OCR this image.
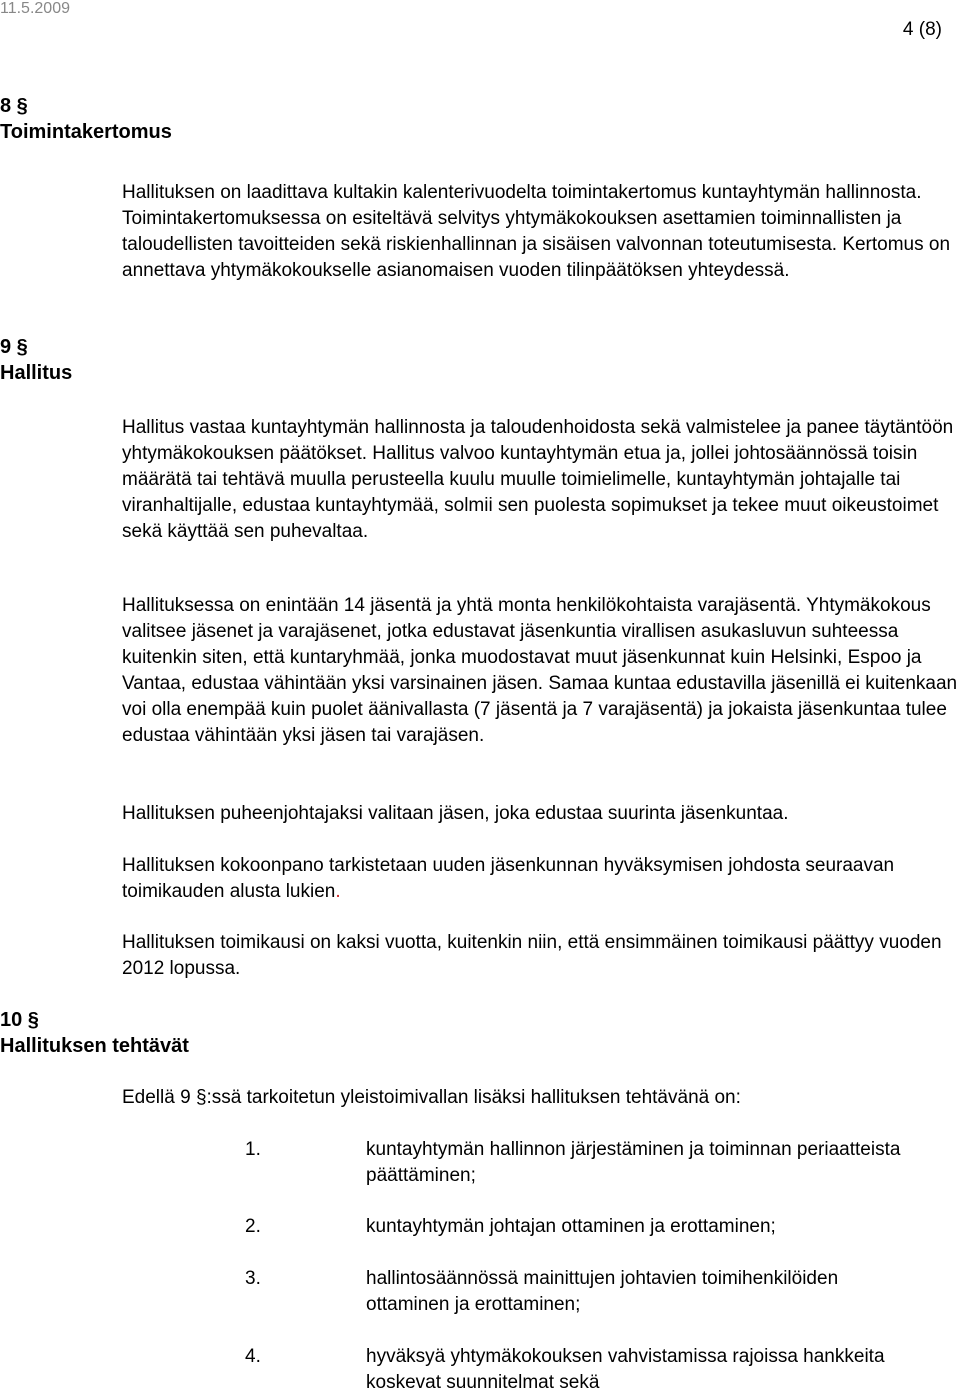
11.5.2009
4 (8)
8 §
Toimintakertomus

Hallituksen on laadittava kultakin kalenterivuodelta toimintakertomus kuntayhtymän hallinnosta. Toimintakertomuksessa on esiteltävä selvitys yhtymäkokouksen asettamien toiminnallisten ja taloudellisten tavoitteiden sekä riskienhallinnan ja sisäisen valvonnan toteutumisesta. Kertomus on annettava yhtymäkokoukselle asianomaisen vuoden tilinpäätöksen yhteydessä.

9 §
Hallitus

Hallitus vastaa kuntayhtymän hallinnosta ja taloudenhoidosta sekä valmistelee ja panee täytäntöön yhtymäkokouksen päätökset. Hallitus valvoo kuntayhtymän etua ja, jollei johtosäännössä toisin määrätä tai tehtävä muulla perusteella kuulu muulle toimielimelle, kuntayhtymän johtajalle tai viranhaltijalle, edustaa kuntayhtymää, solmii sen puolesta sopimukset ja tekee muut oikeustoimet sekä käyttää sen puhevaltaa.

Hallituksessa on enintään 14 jäsentä ja yhtä monta henkilökohtaista varajäsentä. Yhtymäkokous valitsee jäsenet ja varajäsenet, jotka edustavat jäsenkuntia virallisen asukasluvun suhteessa kuitenkin siten, että kuntaryhmää, jonka muodostavat muut jäsenkunnat kuin Helsinki, Espoo ja Vantaa, edustaa vähintään yksi varsinainen jäsen. Samaa kuntaa edustavilla jäsenillä ei kuitenkaan voi olla enempää kuin puolet äänivallasta (7 jäsentä ja 7 varajäsentä) ja jokaista jäsenkuntaa tulee edustaa vähintään yksi jäsen tai varajäsen.

Hallituksen puheenjohtajaksi valitaan jäsen, joka edustaa suurinta jäsenkuntaa.

Hallituksen kokoonpano tarkistetaan uuden jäsenkunnan hyväksymisen johdosta seuraavan toimikauden alusta lukien.

Hallituksen toimikausi on kaksi vuotta, kuitenkin niin, että ensimmäinen toimikausi päättyy vuoden 2012 lopussa.

10 §
Hallituksen tehtävät

Edellä 9 §:ssä tarkoitetun yleistoimivallan lisäksi hallituksen tehtävänä on:

1.	kuntayhtymän hallinnon järjestäminen ja toiminnan periaatteista päättäminen;
2.	kuntayhtymän johtajan ottaminen ja erottaminen;
3.	hallintosäännössä mainittujen johtavien toimihenkilöiden ottaminen ja erottaminen;
4.	hyväksyä yhtymäkokouksen vahvistamissa rajoissa hankkeita koskevat suunnitelmat sekä
